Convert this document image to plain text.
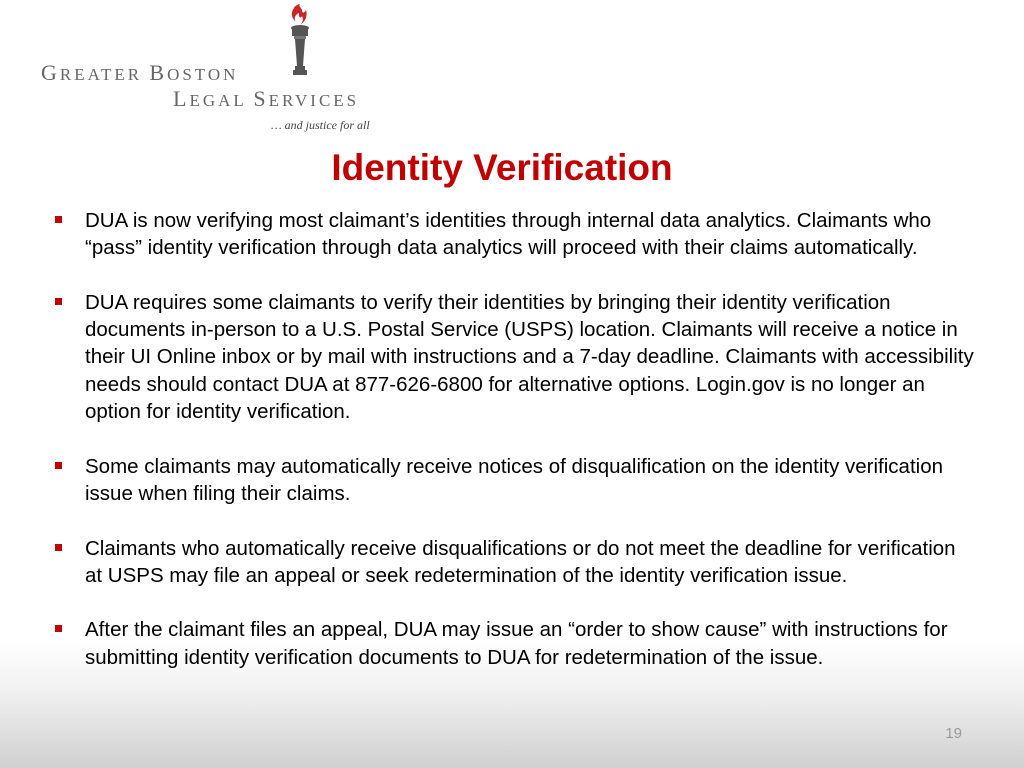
GREATER BOSTON
LEGAL SERVICES
… and justice for all
Identity Verification
DUA is now verifying most claimant’s identities through internal data analytics. Claimants who “pass” identity verification through data analytics will proceed with their claims automatically.
DUA requires some claimants to verify their identities by bringing their identity verification documents in-person to a U.S. Postal Service (USPS) location. Claimants will receive a notice in their UI Online inbox or by mail with instructions and a 7-day deadline. Claimants with accessibility needs should contact DUA at 877-626-6800 for alternative options. Login.gov is no longer an option for identity verification.
Some claimants may automatically receive notices of disqualification on the identity verification issue when filing their claims.
Claimants who automatically receive disqualifications or do not meet the deadline for verification at USPS may file an appeal or seek redetermination of the identity verification issue.
After the claimant files an appeal, DUA may issue an “order to show cause” with instructions for submitting identity verification documents to DUA for redetermination of the issue.
19
